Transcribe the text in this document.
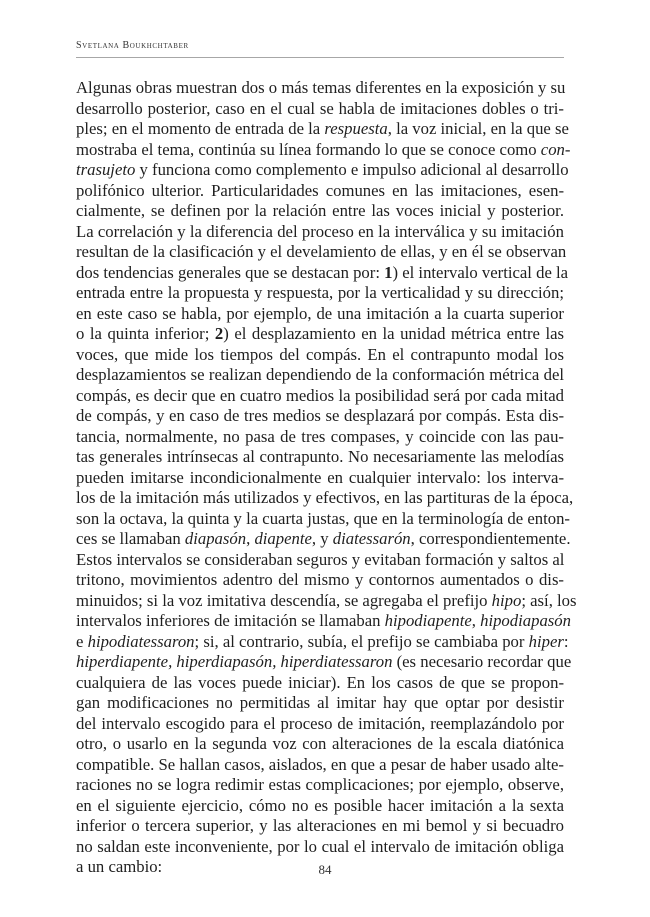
Svetlana Boukhchtaber
Algunas obras muestran dos o más temas diferentes en la exposición y su
desarrollo posterior, caso en el cual se habla de imitaciones dobles o tri-
ples; en el momento de entrada de la respuesta, la voz inicial, en la que se
mostraba el tema, continúa su línea formando lo que se conoce como con-
trasujeto y funciona como complemento e impulso adicional al desarrollo
polifónico ulterior. Particularidades comunes en las imitaciones, esen-
cialmente, se definen por la relación entre las voces inicial y posterior.
La correlación y la diferencia del proceso en la interválica y su imitación
resultan de la clasificación y el develamiento de ellas, y en él se observan
dos tendencias generales que se destacan por: 1) el intervalo vertical de la
entrada entre la propuesta y respuesta, por la verticalidad y su dirección;
en este caso se habla, por ejemplo, de una imitación a la cuarta superior
o la quinta inferior; 2) el desplazamiento en la unidad métrica entre las
voces, que mide los tiempos del compás. En el contrapunto modal los
desplazamientos se realizan dependiendo de la conformación métrica del
compás, es decir que en cuatro medios la posibilidad será por cada mitad
de compás, y en caso de tres medios se desplazará por compás. Esta dis-
tancia, normalmente, no pasa de tres compases, y coincide con las pau-
tas generales intrínsecas al contrapunto. No necesariamente las melodías
pueden imitarse incondicionalmente en cualquier intervalo: los interva-
los de la imitación más utilizados y efectivos, en las partituras de la época,
son la octava, la quinta y la cuarta justas, que en la terminología de enton-
ces se llamaban diapasón, diapente, y diatessarón, correspondientemente.
Estos intervalos se consideraban seguros y evitaban formación y saltos al
tritono, movimientos adentro del mismo y contornos aumentados o dis-
minuidos; si la voz imitativa descendía, se agregaba el prefijo hipo; así, los
intervalos inferiores de imitación se llamaban hipodiapente, hipodiapasón
e hipodiatessaron; si, al contrario, subía, el prefijo se cambiaba por hiper:
hiperdiapente, hiperdiapasón, hiperdiatessaron (es necesario recordar que
cualquiera de las voces puede iniciar). En los casos de que se propon-
gan modificaciones no permitidas al imitar hay que optar por desistir
del intervalo escogido para el proceso de imitación, reemplazándolo por
otro, o usarlo en la segunda voz con alteraciones de la escala diatónica
compatible. Se hallan casos, aislados, en que a pesar de haber usado alte-
raciones no se logra redimir estas complicaciones; por ejemplo, observe,
en el siguiente ejercicio, cómo no es posible hacer imitación a la sexta
inferior o tercera superior, y las alteraciones en mi bemol y si becuadro
no saldan este inconveniente, por lo cual el intervalo de imitación obliga
a un cambio:	84
